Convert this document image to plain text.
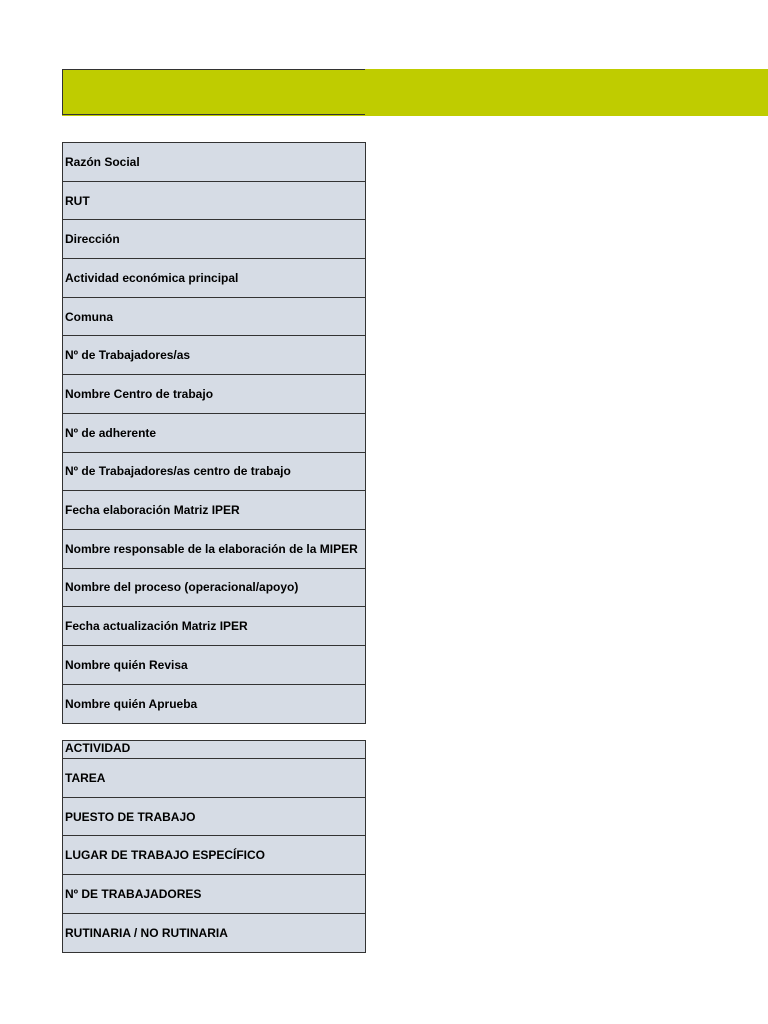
Razón Social
RUT
Dirección
Actividad económica principal
Comuna
Nº de Trabajadores/as
Nombre Centro de trabajo
Nº de adherente
Nº de Trabajadores/as centro de trabajo
Fecha elaboración Matriz IPER
Nombre responsable de la elaboración de la MIPER
Nombre del proceso (operacional/apoyo)
Fecha actualización Matriz IPER
Nombre quién Revisa
Nombre quién Aprueba
ACTIVIDAD
TAREA
PUESTO DE TRABAJO
LUGAR DE TRABAJO ESPECÍFICO
Nº DE TRABAJADORES
RUTINARIA / NO RUTINARIA
